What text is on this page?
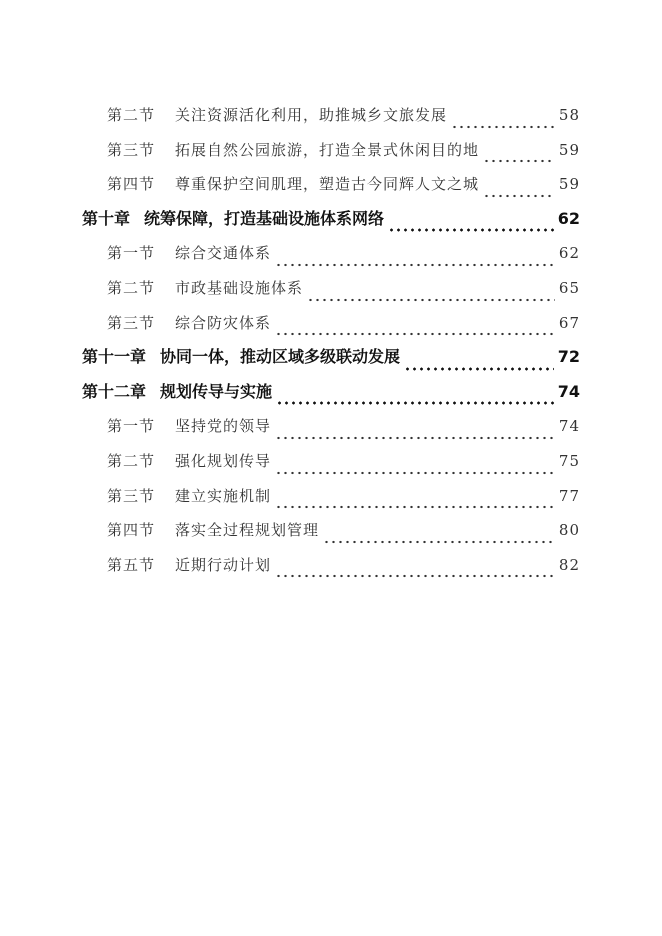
第二节	关注资源活化利用，助推城乡文旅发展	58
第三节	拓展自然公园旅游，打造全景式休闲目的地	59
第四节	尊重保护空间肌理，塑造古今同辉人文之城	59
第十章 统筹保障，打造基础设施体系网络	62
第一节	综合交通体系	62
第二节	市政基础设施体系	65
第三节	综合防灾体系	67
第十一章 协同一体，推动区域多级联动发展	72
第十二章 规划传导与实施	74
第一节	坚持党的领导	74
第二节	强化规划传导	75
第三节	建立实施机制	77
第四节	落实全过程规划管理	80
第五节	近期行动计划	82
